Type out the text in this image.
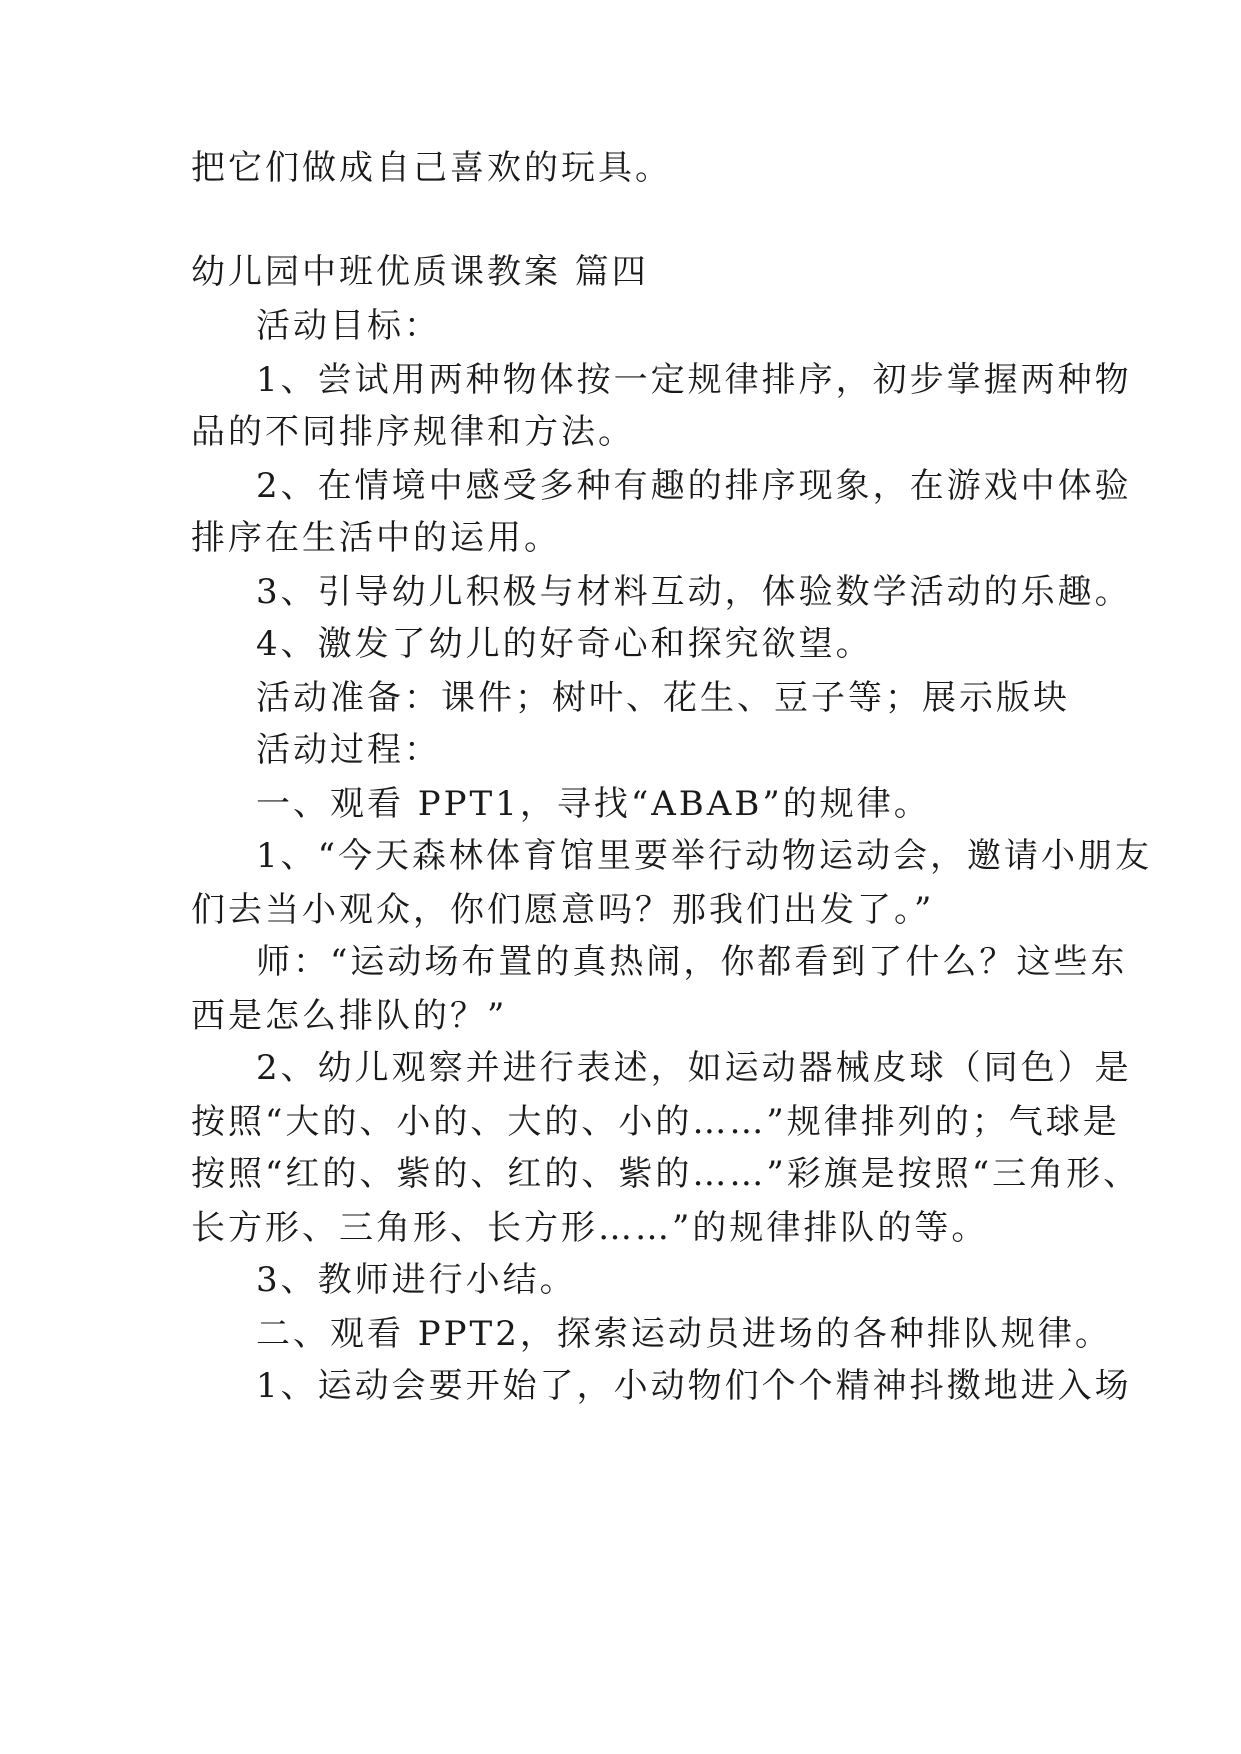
把它们做成自己喜欢的玩具。
幼儿园中班优质课教案 篇四
活动目标：
1、尝试用两种物体按一定规律排序，初步掌握两种物
品的不同排序规律和方法。
2、在情境中感受多种有趣的排序现象，在游戏中体验
排序在生活中的运用。
3、引导幼儿积极与材料互动，体验数学活动的乐趣。
4、激发了幼儿的好奇心和探究欲望。
活动准备：课件；树叶、花生、豆子等；展示版块
活动过程：
一、观看 PPT1，寻找“ABAB”的规律。
1、“今天森林体育馆里要举行动物运动会，邀请小朋友
们去当小观众，你们愿意吗？那我们出发了。”
师：“运动场布置的真热闹，你都看到了什么？这些东
西是怎么排队的？”
2、幼儿观察并进行表述，如运动器械皮球（同色）是
按照“大的、小的、大的、小的……”规律排列的；气球是
按照“红的、紫的、红的、紫的……”彩旗是按照“三角形、
长方形、三角形、长方形……”的规律排队的等。
3、教师进行小结。
二、观看 PPT2，探索运动员进场的各种排队规律。
1、运动会要开始了，小动物们个个精神抖擞地进入场
